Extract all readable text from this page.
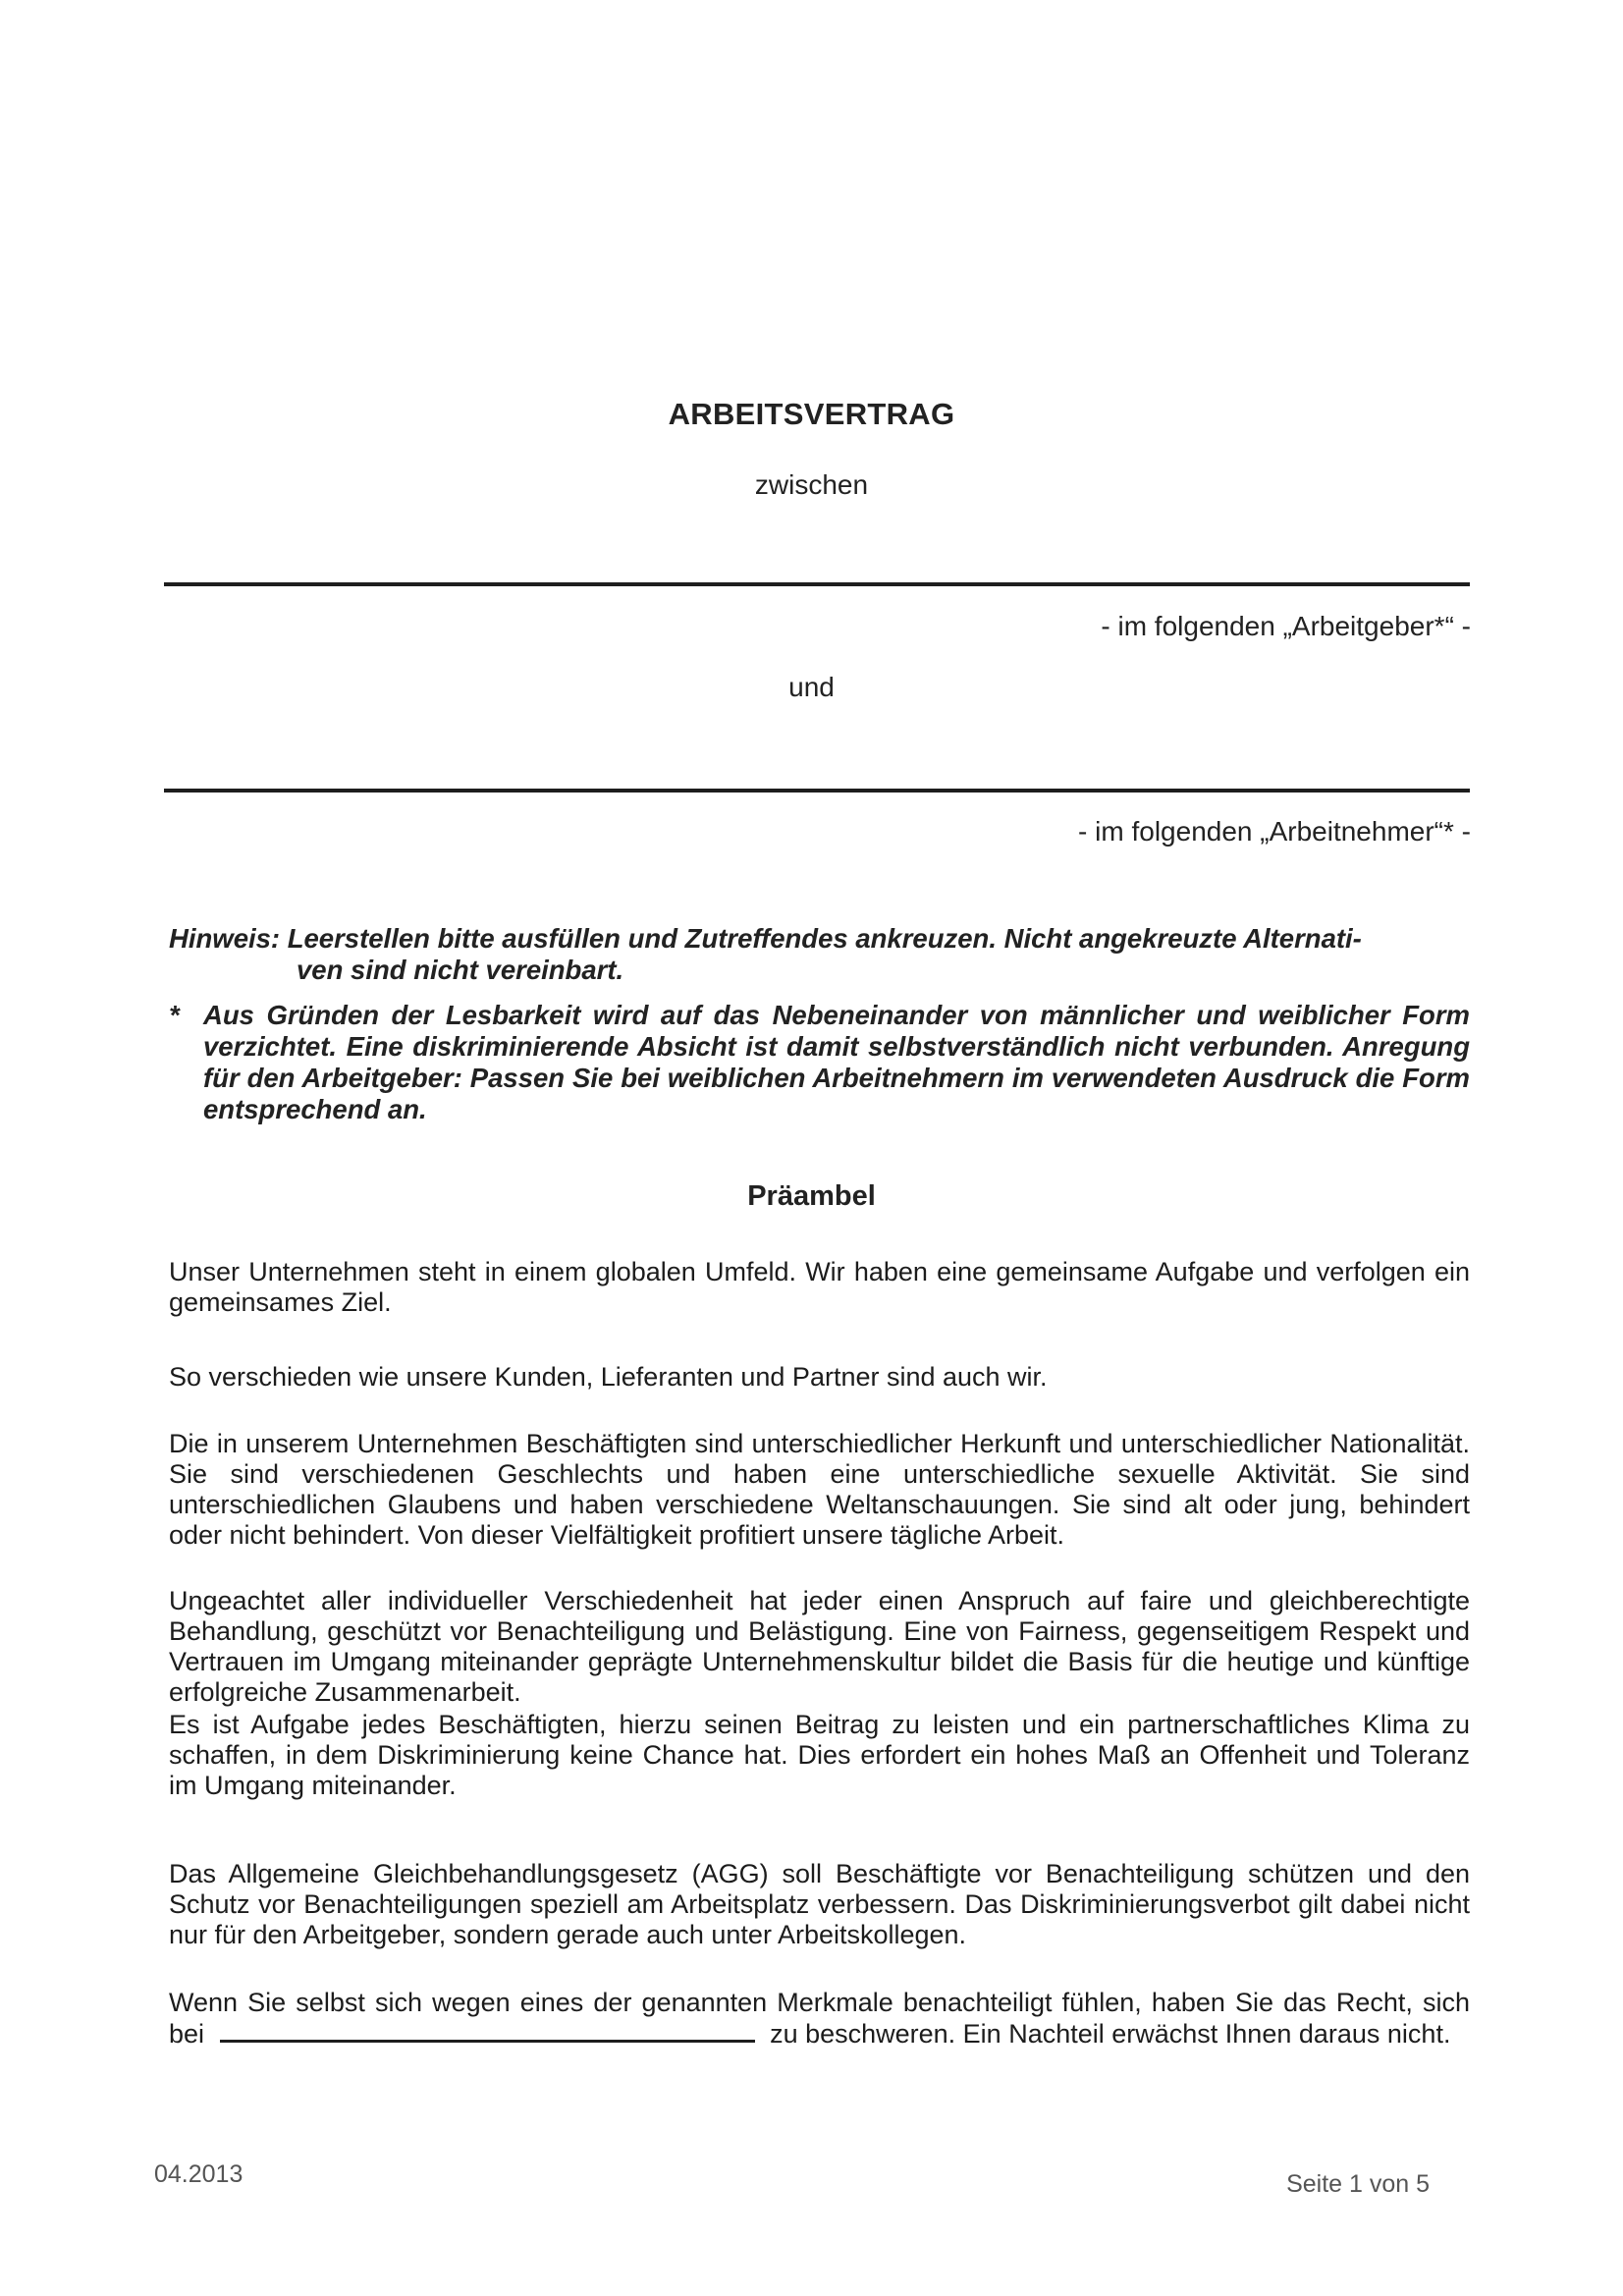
ARBEITSVERTRAG
zwischen
- im folgenden „Arbeitgeber*“ -
und
- im folgenden „Arbeitnehmer“* -
Hinweis: Leerstellen bitte ausfüllen und Zutreffendes ankreuzen. Nicht angekreuzte Alternati-
ven sind nicht vereinbart.
* Aus Gründen der Lesbarkeit wird auf das Nebeneinander von männlicher und weiblicher Form verzichtet. Eine diskriminierende Absicht ist damit selbstverständlich nicht verbunden. Anregung für den Arbeitgeber: Passen Sie bei weiblichen Arbeitnehmern im verwendeten Ausdruck die Form entsprechend an.
Präambel

Unser Unternehmen steht in einem globalen Umfeld. Wir haben eine gemeinsame Aufgabe und verfolgen ein gemeinsames Ziel.

So verschieden wie unsere Kunden, Lieferanten und Partner sind auch wir.

Die in unserem Unternehmen Beschäftigten sind unterschiedlicher Herkunft und unterschiedlicher Nationalität. Sie sind verschiedenen Geschlechts und haben eine unterschiedliche sexuelle Aktivität. Sie sind unterschiedlichen Glaubens und haben verschiedene Weltanschauungen. Sie sind alt oder jung, behindert oder nicht behindert. Von dieser Vielfältigkeit profitiert unsere tägliche Arbeit.

Ungeachtet aller individueller Verschiedenheit hat jeder einen Anspruch auf faire und gleichberechtigte Behandlung, geschützt vor Benachteiligung und Belästigung. Eine von Fairness, gegenseitigem Respekt und Vertrauen im Umgang miteinander geprägte Unternehmenskultur bildet die Basis für die heutige und künftige erfolgreiche Zusammenarbeit.

Es ist Aufgabe jedes Beschäftigten, hierzu seinen Beitrag zu leisten und ein partnerschaftliches Klima zu schaffen, in dem Diskriminierung keine Chance hat. Dies erfordert ein hohes Maß an Offenheit und Toleranz im Umgang miteinander.

Das Allgemeine Gleichbehandlungsgesetz (AGG) soll Beschäftigte vor Benachteiligung schützen und den Schutz vor Benachteiligungen speziell am Arbeitsplatz verbessern. Das Diskriminierungsverbot gilt dabei nicht nur für den Arbeitgeber, sondern gerade auch unter Arbeitskollegen.

Wenn Sie selbst sich wegen eines der genannten Merkmale benachteiligt fühlen, haben Sie das Recht, sich bei	zu beschweren. Ein Nachteil erwächst Ihnen daraus nicht.

04.2013	Seite 1 von 5
